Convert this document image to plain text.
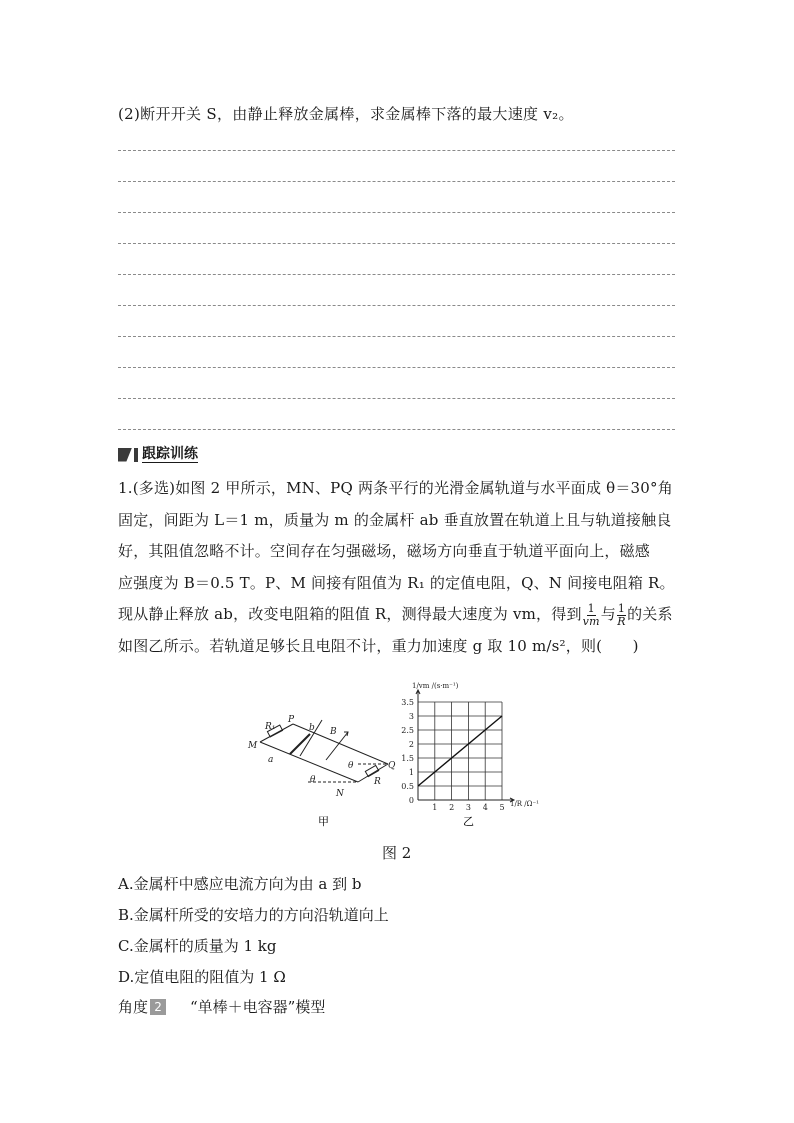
(2)断开开关 S，由静止释放金属棒，求金属棒下落的最大速度 v₂。
跟踪训练
1.(多选)如图 2 甲所示，MN、PQ 两条平行的光滑金属轨道与水平面成 θ＝30°角
固定，间距为 L＝1 m，质量为 m 的金属杆 ab 垂直放置在轨道上且与轨道接触良
好，其阻值忽略不计。空间存在匀强磁场，磁场方向垂直于轨道平面向上，磁感
应强度为 B＝0.5 T。P、M 间接有阻值为 R₁ 的定值电阻，Q、N 间接电阻箱 R。
现从静止释放 ab，改变电阻箱的阻值 R，测得最大速度为 vm，得到 $\frac{1}{vm}$ 与 $\frac{1}{R}$ 的关系
如图乙所示。若轨道足够长且电阻不计，重力加速度 g 取 10 m/s²，则(　　)
R₁
P
b B
M
a
θ	Q
θ	R
N
甲
1 2 3 4 5
0.5
1
1.5
2
2.5
3
3.5
0
1/vm /(s·m⁻¹)
1/R /Ω⁻¹
乙
图 2
A.金属杆中感应电流方向为由 a 到 b
B.金属杆所受的安培力的方向沿轨道向上
C.金属杆的质量为 1 kg
D.定值电阻的阻值为 1 Ω
角度 2 “单棒＋电容器”模型
